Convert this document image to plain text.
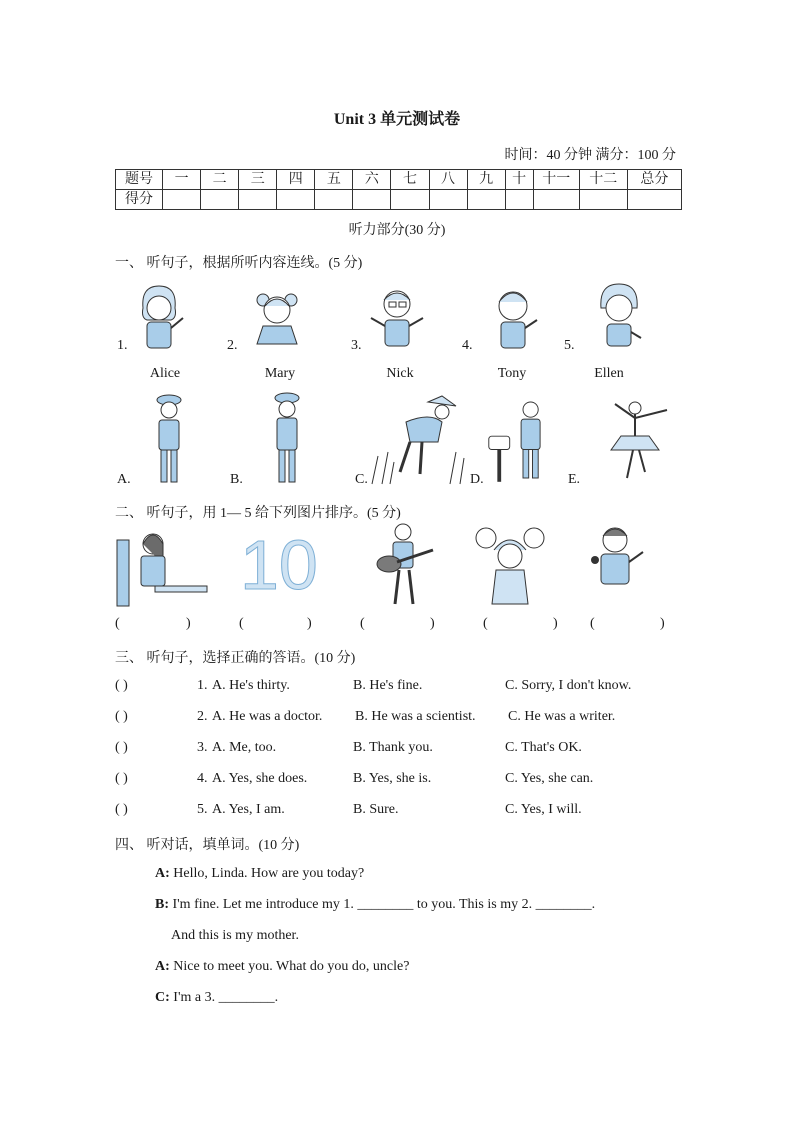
Unit 3 单元测试卷
时间：40 分钟 满分：100 分
题号	一	二	三	四	五	六	七	八	九	十	十一	十二	总分
得分													
听力部分(30 分)
一、 听句子，根据所听内容连线。(5 分)
1.	2.	3.	4.	5.
Alice	Mary	Nick	Tony	Ellen
A.	B.	C.	D.	E.
二、 听句子，用 1— 5 给下列图片排序。(5 分)
10
(	)	(	)	(	)	(	) (	)
三、 听句子，选择正确的答语。(10 分)
( )	1. A. He's thirty.	B. He's fine.	C. Sorry, I don't know.
( )	2. A. He was a doctor. B. He was a scientist. C. He was a writer.
( )	3. A. Me, too.	B. Thank you.	C. That's OK.
( )	4. A. Yes, she does.	B. Yes, she is.	C. Yes, she can.
( )	5. A. Yes, I am.	B. Sure.	C. Yes, I will.
四、 听对话，填单词。(10 分)
A: Hello, Linda. How are you today?
B: I'm fine. Let me introduce my 1. ________ to you. This is my 2. ________.
And this is my mother.
A: Nice to meet you. What do you do, uncle?
C: I'm a 3. ________.
